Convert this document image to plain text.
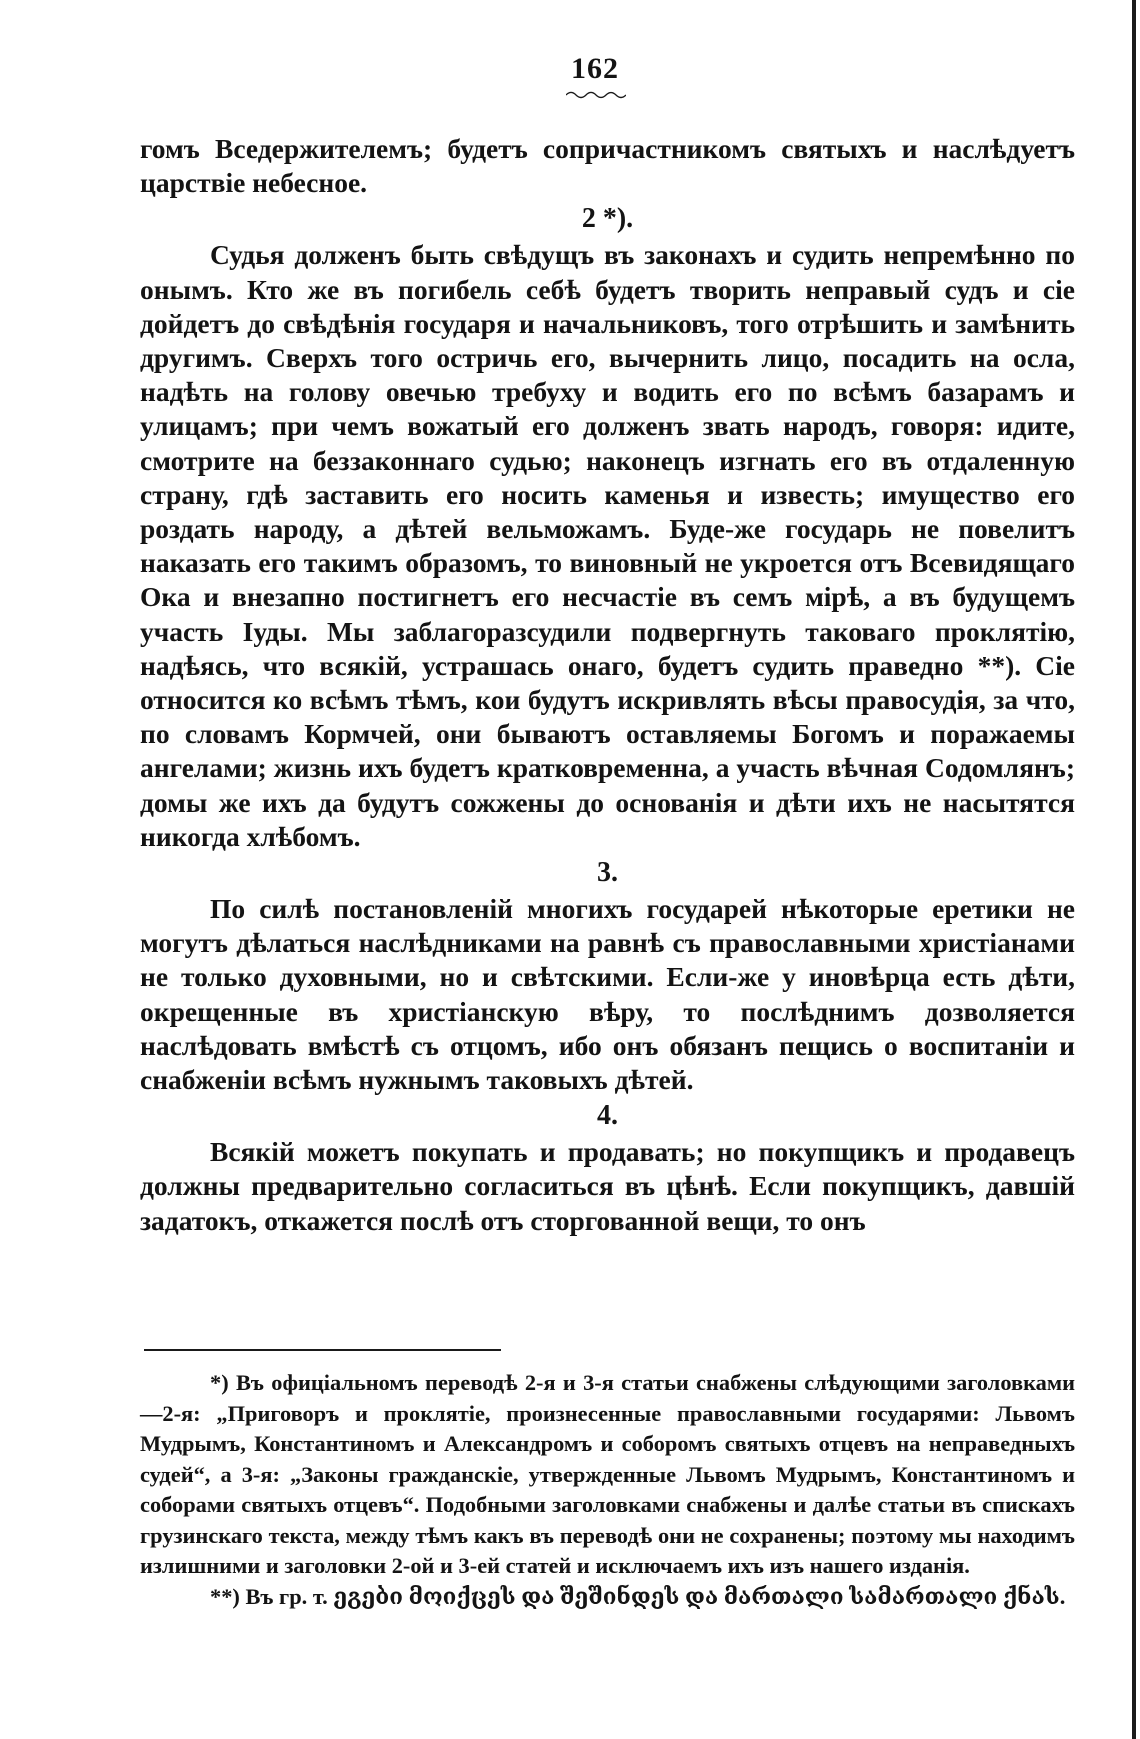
162

гомъ Вседержителемъ; будетъ сопричастникомъ святыхъ и наслѣдуетъ царствіе небесное.

2 *).

Судья долженъ быть свѣдущъ въ законахъ и судить непремѣнно по онымъ. Кто же въ погибель себѣ будетъ творить неправый судъ и сіе дойдетъ до свѣдѣнія государя и начальниковъ, того отрѣшить и замѣнить другимъ. Сверхъ того остричь его, вычернить лицо, посадить на осла, надѣть на голову овечью требуху и водить его по всѣмъ базарамъ и улицамъ; при чемъ вожатый его долженъ звать народъ, говоря: идите, смотрите на беззаконнаго судью; наконецъ изгнать его въ отдаленную страну, гдѣ заставить его носить каменья и известь; имущество его роздать народу, а дѣтей вельможамъ. Буде-же государь не повелитъ наказать его такимъ образомъ, то виновный не укроется отъ Всевидящаго Ока и внезапно постигнетъ его несчастіе въ семъ мірѣ, а въ будущемъ участь Іуды. Мы заблагоразсудили подвергнуть таковаго проклятію, надѣясь, что всякій, устрашась онаго, будетъ судить праведно **). Сіе относится ко всѣмъ тѣмъ, кои будутъ искривлять вѣсы правосудія, за что, по словамъ Кормчей, они бываютъ оставляемы Богомъ и поражаемы ангелами; жизнь ихъ будетъ кратковременна, а участь вѣчная Содомлянъ; домы же ихъ да будутъ сожжены до основанія и дѣти ихъ не насытятся никогда хлѣбомъ.

3.

По силѣ постановленій многихъ государей нѣкоторые еретики не могутъ дѣлаться наслѣдниками на равнѣ съ православными христіанами не только духовными, но и свѣтскими. Если-же у иновѣрца есть дѣти, окрещенные въ христіанскую вѣру, то послѣднимъ дозволяется наслѣдовать вмѣстѣ съ отцомъ, ибо онъ обязанъ пещись о воспитаніи и снабженіи всѣмъ нужнымъ таковыхъ дѣтей.

4.

Всякій можетъ покупать и продавать; но покупщикъ и продавецъ должны предварительно согласиться въ цѣнѣ. Если покупщикъ, давшій задатокъ, откажется послѣ отъ сторгованной вещи, то онъ

*) Въ офиціальномъ переводѣ 2-я и 3-я статьи снабжены слѣдующими заголовками—2-я: „Приговоръ и проклятіе, произнесенные православными государями: Львомъ Мудрымъ, Константиномъ и Александромъ и соборомъ святыхъ отцевъ на неправедныхъ судей“, а 3-я: „Законы гражданскіе, утвержденные Львомъ Мудрымъ, Константиномъ и соборами святыхъ отцевъ“. Подобными заголовками снабжены и далѣе статьи въ спискахъ грузинскаго текста, между тѣмъ какъ въ переводѣ они не сохранены; поэтому мы находимъ излишними и заголовки 2-ой и 3-ей статей и исключаемъ ихъ изъ нашего изданія.

**) Въ гр. т. ეგები მოიქცეს და შეშინდეს და მართალი სამართალი ქნას.
